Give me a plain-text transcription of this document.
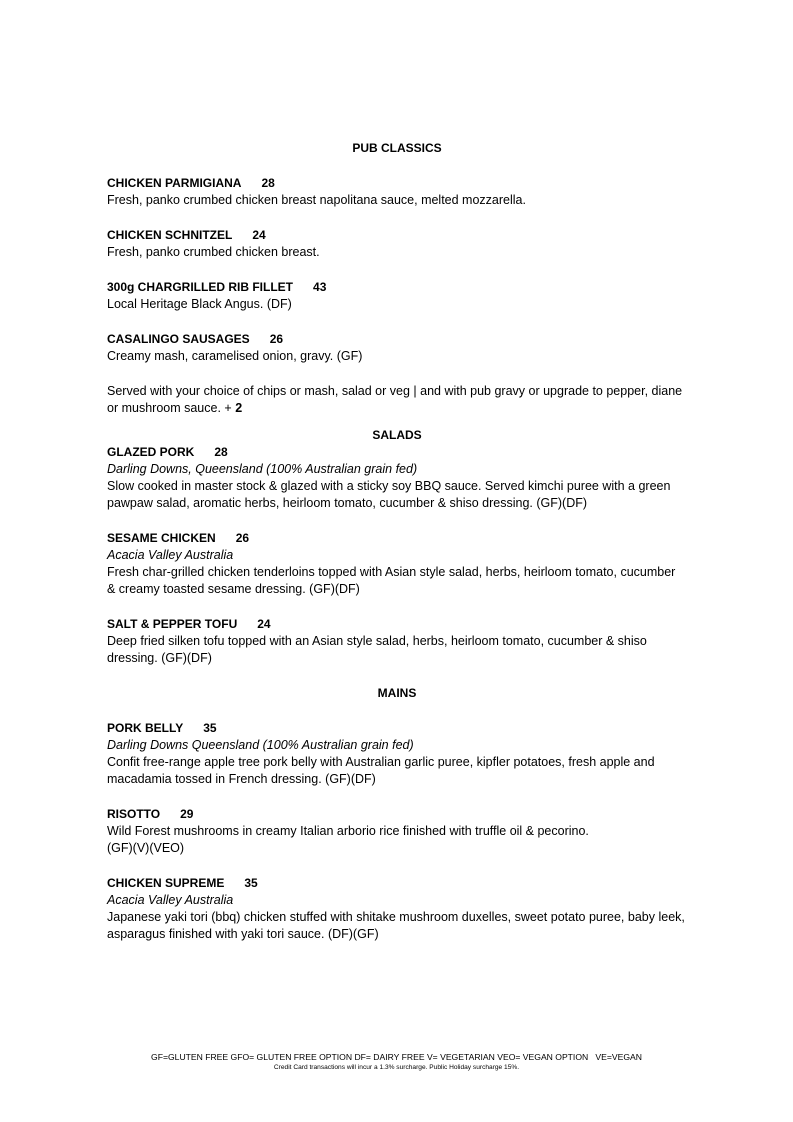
PUB CLASSICS
CHICKEN PARMIGIANA 28
Fresh, panko crumbed chicken breast napolitana sauce, melted mozzarella.
CHICKEN SCHNITZEL 24
Fresh, panko crumbed chicken breast.
300g CHARGRILLED RIB FILLET 43
Local Heritage Black Angus. (DF)
CASALINGO SAUSAGES 26
Creamy mash, caramelised onion, gravy. (GF)
Served with your choice of chips or mash, salad or veg | and with pub gravy or upgrade to pepper, diane or mushroom sauce. + 2
SALADS
GLAZED PORK 28
Darling Downs, Queensland (100% Australian grain fed)
Slow cooked in master stock & glazed with a sticky soy BBQ sauce. Served kimchi puree with a green pawpaw salad, aromatic herbs, heirloom tomato, cucumber & shiso dressing. (GF)(DF)
SESAME CHICKEN 26
Acacia Valley Australia
Fresh char-grilled chicken tenderloins topped with Asian style salad, herbs, heirloom tomato, cucumber & creamy toasted sesame dressing. (GF)(DF)
SALT & PEPPER TOFU 24
Deep fried silken tofu topped with an Asian style salad, herbs, heirloom tomato, cucumber & shiso dressing. (GF)(DF)
MAINS
PORK BELLY 35
Darling Downs Queensland (100% Australian grain fed)
Confit free-range apple tree pork belly with Australian garlic puree, kipfler potatoes, fresh apple and macadamia tossed in French dressing. (GF)(DF)
RISOTTO 29
Wild Forest mushrooms in creamy Italian arborio rice finished with truffle oil & pecorino.
(GF)(V)(VEO)
CHICKEN SUPREME 35
Acacia Valley Australia
Japanese yaki tori (bbq) chicken stuffed with shitake mushroom duxelles, sweet potato puree, baby leek, asparagus finished with yaki tori sauce. (DF)(GF)
GF=GLUTEN FREE GFO= GLUTEN FREE OPTION DF= DAIRY FREE V= VEGETARIAN VEO= VEGAN OPTION   VE=VEGAN
Credit Card transactions will incur a 1.3% surcharge. Public Holiday surcharge 15%.
